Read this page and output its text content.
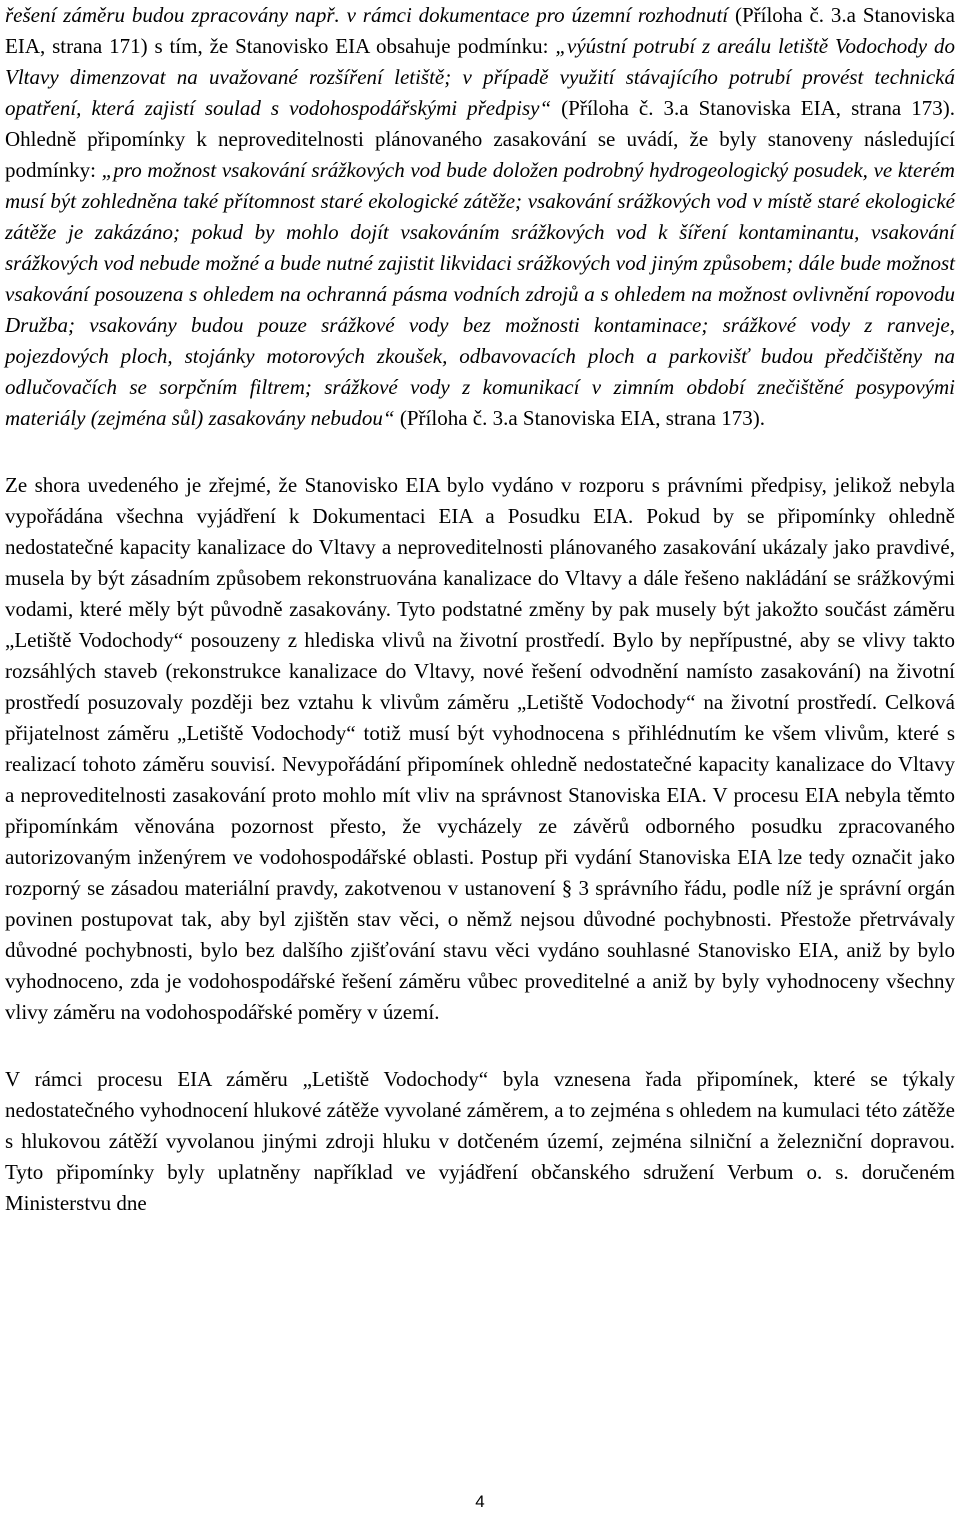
řešení záměru budou zpracovány např. v rámci dokumentace pro územní rozhodnutí (Příloha č. 3.a Stanoviska EIA, strana 171) s tím, že Stanovisko EIA obsahuje podmínku: „výústní potrubí z areálu letiště Vodochody do Vltavy dimenzovat na uvažované rozšíření letiště; v případě využití stávajícího potrubí provést technická opatření, která zajistí soulad s vodohospodářskými předpisy“ (Příloha č. 3.a Stanoviska EIA, strana 173). Ohledně připomínky k neproveditelnosti plánovaného zasakování se uvádí, že byly stanoveny následující podmínky: „pro možnost vsakování srážkových vod bude doložen podrobný hydrogeologický posudek, ve kterém musí být zohledněna také přítomnost staré ekologické zátěže; vsakování srážkových vod v místě staré ekologické zátěže je zakázáno; pokud by mohlo dojít vsakováním srážkových vod k šíření kontaminantu, vsakování srážkových vod nebude možné a bude nutné zajistit likvidaci srážkových vod jiným způsobem; dále bude možnost vsakování posouzena s ohledem na ochranná pásma vodních zdrojů a s ohledem na možnost ovlivnění ropovodu Družba; vsakovány budou pouze srážkové vody bez možnosti kontaminace; srážkové vody z ranveje, pojezdových ploch, stojánky motorových zkoušek, odbavovacích ploch a parkovišť budou předčištěny na odlučovačích se sorpčním filtrem; srážkové vody z komunikací v zimním období znečištěné posypovými materiály (zejména sůl) zasakovány nebudou“ (Příloha č. 3.a Stanoviska EIA, strana 173).

Ze shora uvedeného je zřejmé, že Stanovisko EIA bylo vydáno v rozporu s právními předpisy, jelikož nebyla vypořádána všechna vyjádření k Dokumentaci EIA a Posudku EIA. Pokud by se připomínky ohledně nedostatečné kapacity kanalizace do Vltavy a neproveditelnosti plánovaného zasakování ukázaly jako pravdivé, musela by být zásadním způsobem rekonstruována kanalizace do Vltavy a dále řešeno nakládání se srážkovými vodami, které měly být původně zasakovány. Tyto podstatné změny by pak musely být jakožto součást záměru „Letiště Vodochody“ posouzeny z hlediska vlivů na životní prostředí. Bylo by nepřípustné, aby se vlivy takto rozsáhlých staveb (rekonstrukce kanalizace do Vltavy, nové řešení odvodnění namísto zasakování) na životní prostředí posuzovaly později bez vztahu k vlivům záměru „Letiště Vodochody“ na životní prostředí. Celková přijatelnost záměru „Letiště Vodochody“ totiž musí být vyhodnocena s přihlédnutím ke všem vlivům, které s realizací tohoto záměru souvisí. Nevypořádání připomínek ohledně nedostatečné kapacity kanalizace do Vltavy a neproveditelnosti zasakování proto mohlo mít vliv na správnost Stanoviska EIA. V procesu EIA nebyla těmto připomínkám věnována pozornost přesto, že vycházely ze závěrů odborného posudku zpracovaného autorizovaným inženýrem ve vodohospodářské oblasti. Postup při vydání Stanoviska EIA lze tedy označit jako rozporný se zásadou materiální pravdy, zakotvenou v ustanovení § 3 správního řádu, podle níž je správní orgán povinen postupovat tak, aby byl zjištěn stav věci, o němž nejsou důvodné pochybnosti. Přestože přetrvávaly důvodné pochybnosti, bylo bez dalšího zjišťování stavu věci vydáno souhlasné Stanovisko EIA, aniž by bylo vyhodnoceno, zda je vodohospodářské řešení záměru vůbec proveditelné a aniž by byly vyhodnoceny všechny vlivy záměru na vodohospodářské poměry v území.

V rámci procesu EIA záměru „Letiště Vodochody“ byla vznesena řada připomínek, které se týkaly nedostatečného vyhodnocení hlukové zátěže vyvolané záměrem, a to zejména s ohledem na kumulaci této zátěže s hlukovou zátěží vyvolanou jinými zdroji hluku v dotčeném území, zejména silniční a železniční dopravou. Tyto připomínky byly uplatněny například ve vyjádření občanského sdružení Verbum o. s. doručeném Ministerstvu dne

4
